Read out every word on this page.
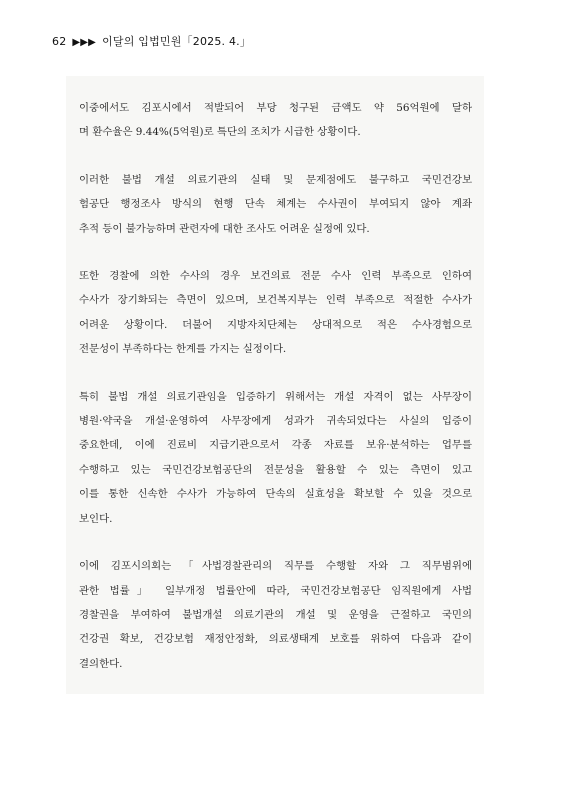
62 ▶▶▶ 이달의 입법민원「2025. 4.」

이중에서도 김포시에서 적발되어 부당 청구된 금액도 약 56억원에 달하
며 환수율은 9.44%(5억원)로 특단의 조치가 시급한 상황이다.

이러한 불법 개설 의료기관의 실태 및 문제점에도 불구하고 국민건강보
험공단 행정조사 방식의 현행 단속 체계는 수사권이 부여되지 않아 계좌
추적 등이 불가능하며 관련자에 대한 조사도 어려운 실정에 있다.

또한 경찰에 의한 수사의 경우 보건의료 전문 수사 인력 부족으로 인하여
수사가 장기화되는 측면이 있으며, 보건복지부는 인력 부족으로 적절한 수사가
어려운 상황이다. 더불어 지방자치단체는 상대적으로 적은 수사경험으로
전문성이 부족하다는 한계를 가지는 실정이다.

특히 불법 개설 의료기관임을 입증하기 위해서는 개설 자격이 없는 사무장이
병원·약국을 개설·운영하여 사무장에게 성과가 귀속되었다는 사실의 입증이
중요한데, 이에 진료비 지급기관으로서 각종 자료를 보유·분석하는 업무를
수행하고 있는 국민건강보험공단의 전문성을 활용할 수 있는 측면이 있고
이를 통한 신속한 수사가 가능하여 단속의 실효성을 확보할 수 있을 것으로
보인다.

이에 김포시의회는 「사법경찰관리의 직무를 수행할 자와 그 직무범위에
관한 법률」 일부개정 법률안에 따라, 국민건강보험공단 임직원에게 사법
경찰권을 부여하여 불법개설 의료기관의 개설 및 운영을 근절하고 국민의
건강권 확보, 건강보험 재정안정화, 의료생태계 보호를 위하여 다음과 같이
결의한다.
